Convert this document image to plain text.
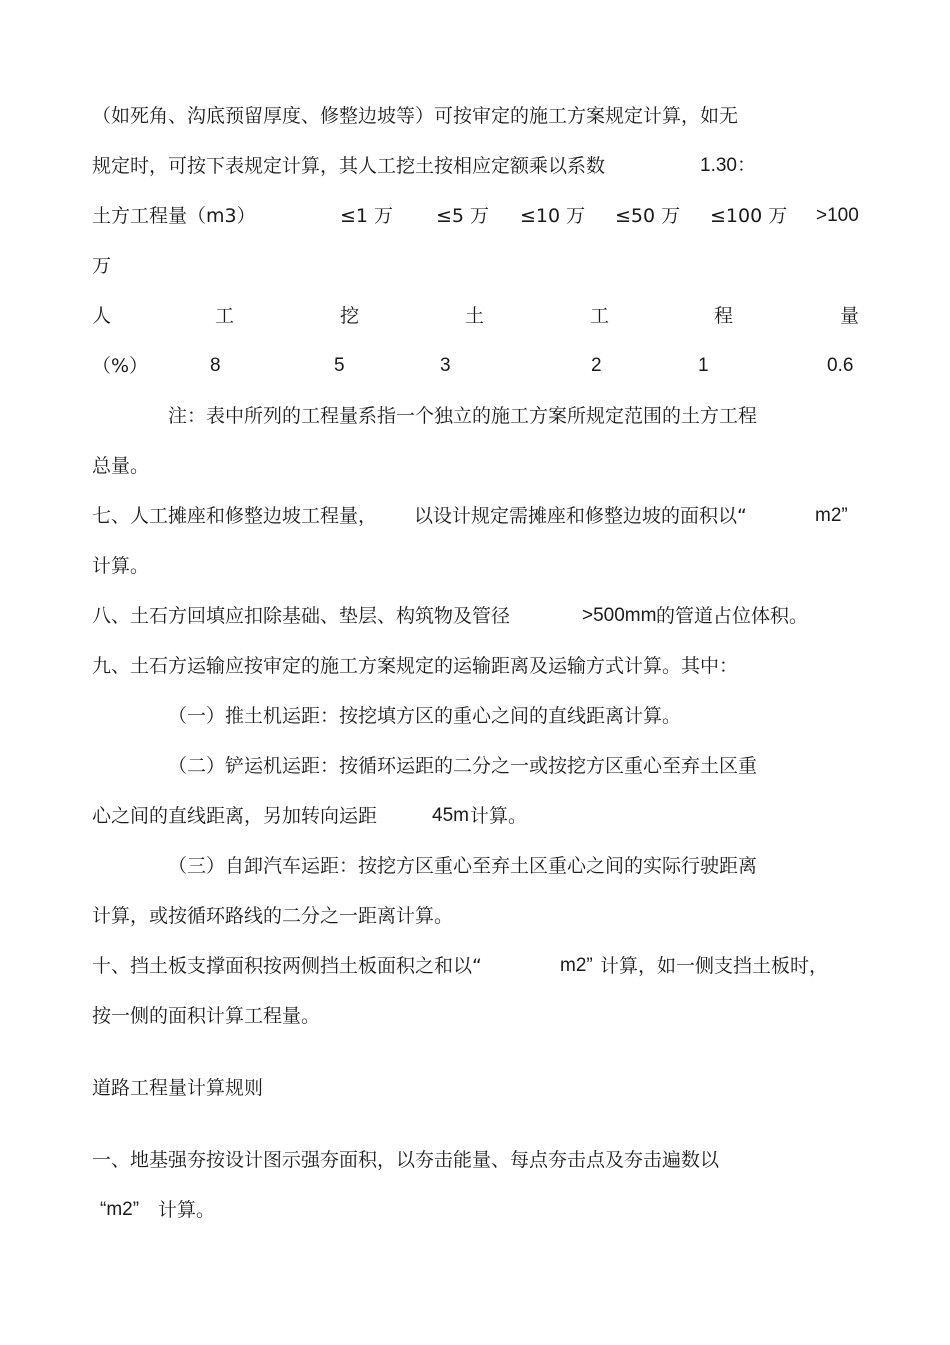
（如死角、沟底预留厚度、修整边坡等）可按审定的施工方案规定计算，如无
规定时，可按下表规定计算，其人工挖土按相应定额乘以系数	1.30：
土方工程量（m3）	≤1 万 ≤5 万 ≤10 万 ≤50 万 ≤100 万 >100
万
人	工	挖	土	工	程	量
（%）	8	5	3	2	1	0.6
注：表中所列的工程量系指一个独立的施工方案所规定范围的土方工程
总量。
七、人工摊座和修整边坡工程量， 以设计规定需摊座和修整边坡的面积以“	m2”
计算。
八、土石方回填应扣除基础、垫层、构筑物及管径	>500mm 的管道占位体积。
九、土石方运输应按审定的施工方案规定的运输距离及运输方式计算。其中：
（一）推土机运距：按挖填方区的重心之间的直线距离计算。
（二）铲运机运距：按循环运距的二分之一或按挖方区重心至弃土区重
心之间的直线距离，另加转向运距	45m 计算。
（三）自卸汽车运距：按挖方区重心至弃土区重心之间的实际行驶距离
计算，或按循环路线的二分之一距离计算。
十、挡土板支撑面积按两侧挡土板面积之和以“	m2” 计算，如一侧支挡土板时，
按一侧的面积计算工程量。
道路工程量计算规则
一、地基强夯按设计图示强夯面积，以夯击能量、每点夯击点及夯击遍数以
“m2” 计算。
